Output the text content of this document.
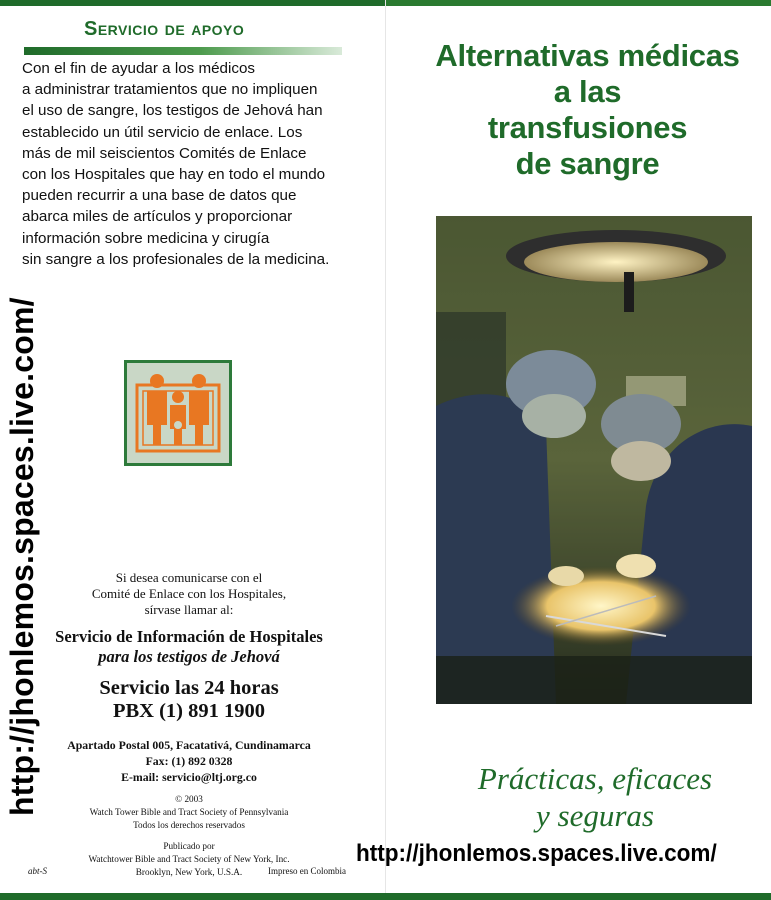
Servicio de apoyo
Con el fin de ayudar a los médicos
a administrar tratamientos que no impliquen
el uso de sangre, los testigos de Jehová han
establecido un útil servicio de enlace. Los
más de mil seiscientos Comités de Enlace
con los Hospitales que hay en todo el mundo
pueden recurrir a una base de datos que
abarca miles de artículos y proporcionar
información sobre medicina y cirugía
sin sangre a los profesionales de la medicina.
Si desea comunicarse con el
Comité de Enlace con los Hospitales,
sírvase llamar al:
Servicio de Información de Hospitales
para los testigos de Jehová
Servicio las 24 horas
PBX (1) 891 1900
Apartado Postal 005, Facatativá, Cundinamarca
Fax: (1) 892 0328
E-mail: servicio@ltj.org.co
© 2003
Watch Tower Bible and Tract Society of Pennsylvania
Todos los derechos reservados
Publicado por
Watchtower Bible and Tract Society of New York, Inc.
Brooklyn, New York, U.S.A.
abt-S	Impreso en Colombia
http://jhonlemos.spaces.live.com/
Alternativas médicas
a las
transfusiones
de sangre
Prácticas, eficaces
y seguras
http://jhonlemos.spaces.live.com/
